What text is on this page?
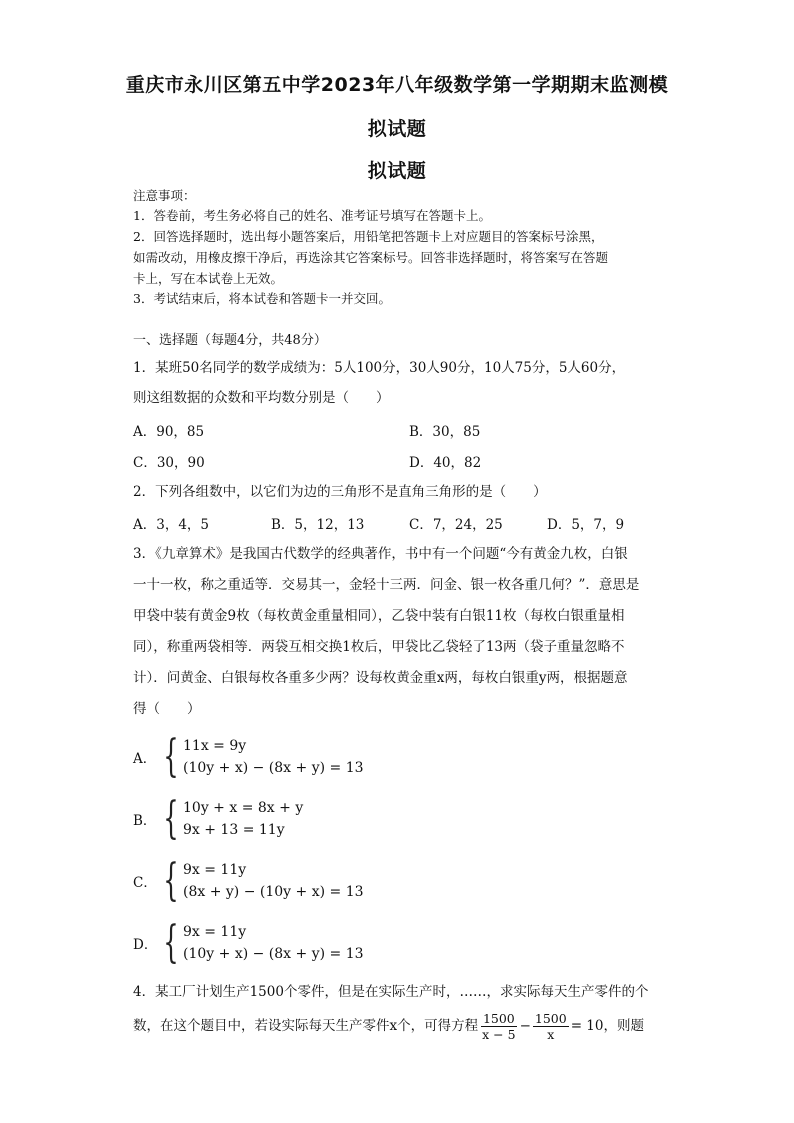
重庆市永川区第五中学2023年八年级数学第一学期期末监测模
拟试题
拟试题
注意事项：
1．答卷前，考生务必将自己的姓名、准考证号填写在答题卡上。
2．回答选择题时，选出每小题答案后，用铅笔把答题卡上对应题目的答案标号涂黑，
如需改动，用橡皮擦干净后，再选涂其它答案标号。回答非选择题时，将答案写在答题
卡上，写在本试卷上无效。
3．考试结束后，将本试卷和答题卡一并交回。
一、选择题（每题4分，共48分）
1．某班50名同学的数学成绩为：5人100分，30人90分，10人75分，5人60分，
则这组数据的众数和平均数分别是（　　）
A．90，85	B．30，85
C．30，90	D．40，82
2．下列各组数中，以它们为边的三角形不是直角三角形的是（　　）
A．3，4，5	B．5，12，13	C．7，24，25	D．5，7，9
3．《九章算术》是我国古代数学的经典著作，书中有一个问题“今有黄金九枚，白银
一十一枚，称之重适等．交易其一，金轻十三两．问金、银一枚各重几何？”．意思是
甲袋中装有黄金9枚（每枚黄金重量相同），乙袋中装有白银11枚（每枚白银重量相
同），称重两袋相等．两袋互相交换1枚后，甲袋比乙袋轻了13两（袋子重量忽略不
计）．问黄金、白银每枚各重多少两？设每枚黄金重x两，每枚白银重y两，根据题意
得（　　）
A． { 11x = 9y
(10y + x) − (8x + y) = 13
B． { 10y + x = 8x + y
9x + 13 = 11y
C． { 9x = 11y
(8x + y) − (10y + x) = 13
D． { 9x = 11y
(10y + x) − (8x + y) = 13
4．某工厂计划生产1500个零件，但是在实际生产时，……，求实际每天生产零件的个
数，在这个题目中，若设实际每天生产零件x个，可得方程 $\frac{1500}{x - 5} - \frac{1500}{x} = 10$，则题
